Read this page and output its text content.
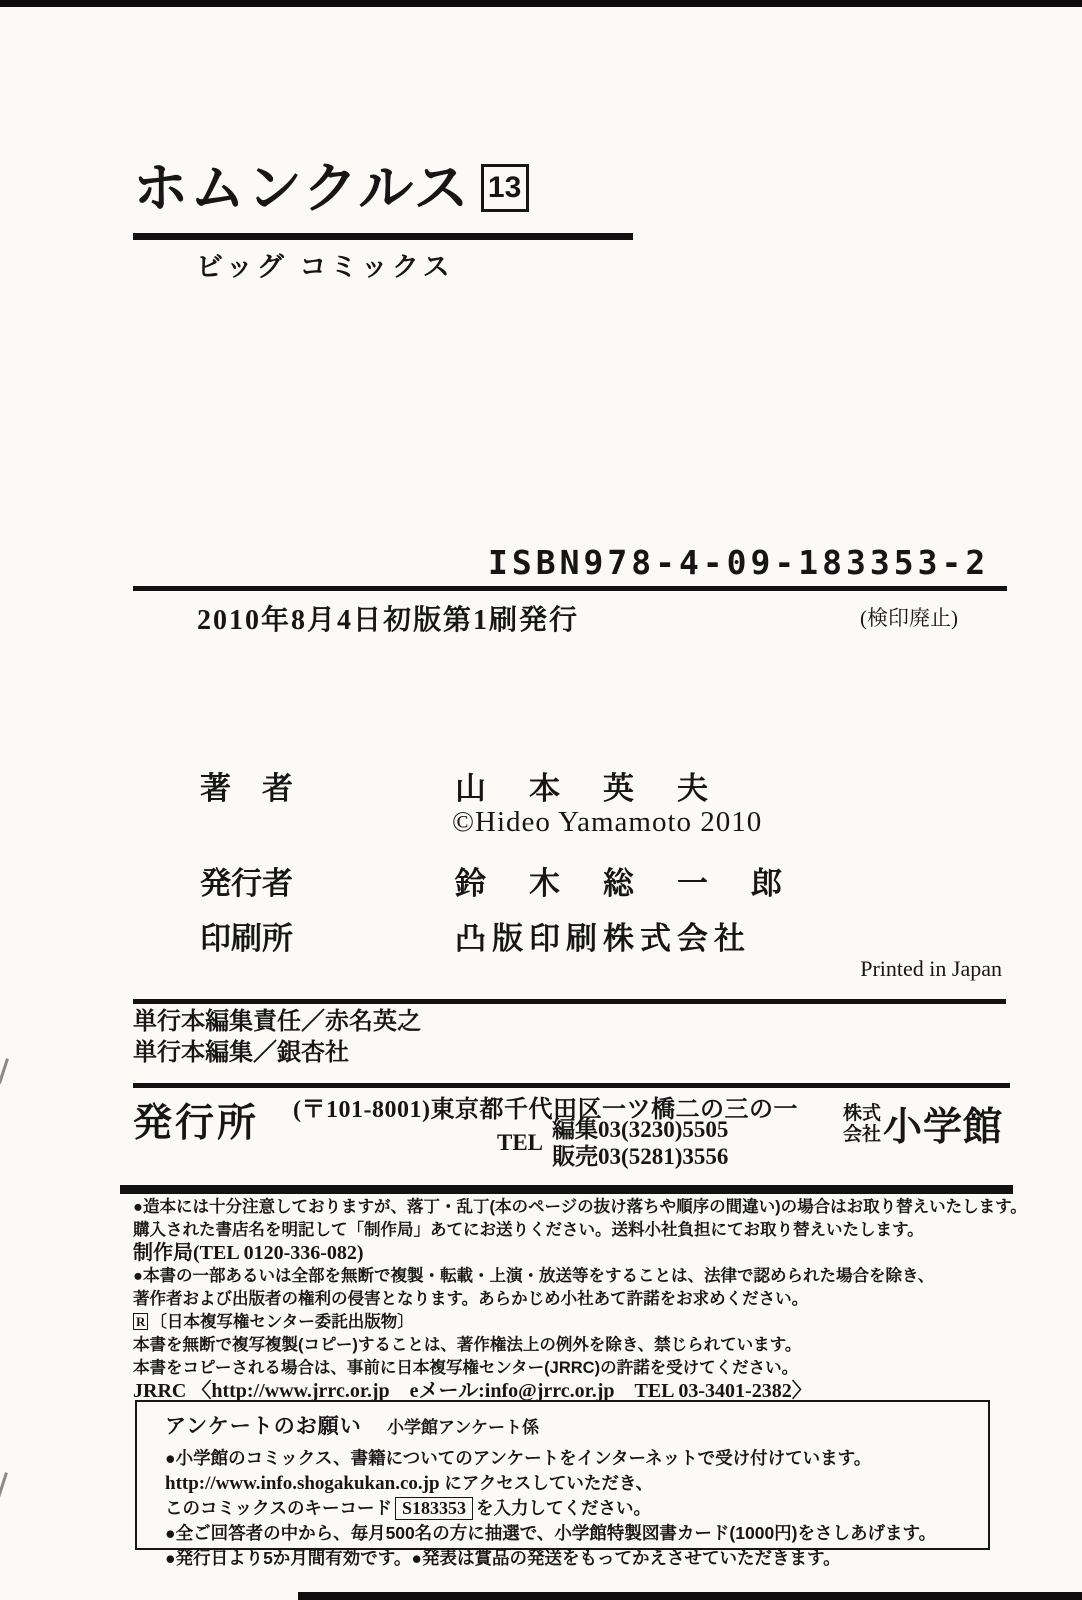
ホムンクルス 13
ビッグ コミックス
ISBN978-4-09-183353-2
2010年8月4日初版第1刷発行	(検印廃止)
著　者	山　本　英　夫
©Hideo Yamamoto 2010
発行者	鈴　木　総　一　郎
印刷所	凸版印刷株式会社
Printed in Japan
単行本編集責任／赤名英之
単行本編集／銀杏社
発行所 (〒101-8001)東京都千代田区一ツ橋二の三の一
TEL
編集03(3230)5505
販売03(5281)3556
株式
会社 小学館
●造本には十分注意しておりますが、落丁・乱丁(本のページの抜け落ちや順序の間違い)の場合はお取り替えいたします。
購入された書店名を明記して「制作局」あてにお送りください。送料小社負担にてお取り替えいたします。
制作局(TEL 0120-336-082)
●本書の一部あるいは全部を無断で複製・転載・上演・放送等をすることは、法律で認められた場合を除き、
著作者および出版者の権利の侵害となります。あらかじめ小社あて許諾をお求めください。
R 〔日本複写権センター委託出版物〕
本書を無断で複写複製(コピー)することは、著作権法上の例外を除き、禁じられています。
本書をコピーされる場合は、事前に日本複写権センター(JRRC)の許諾を受けてください。
JRRC 〈http://www.jrrc.or.jp　eメール:info@jrrc.or.jp　TEL 03-3401-2382〉
アンケートのお願い 小学館アンケート係
●小学館のコミックス、書籍についてのアンケートをインターネットで受け付けています。
http://www.info.shogakukan.co.jp にアクセスしていただき、
このコミックスのキーコード S183353 を入力してください。
●全ご回答者の中から、毎月500名の方に抽選で、小学館特製図書カード(1000円)をさしあげます。
●発行日より5か月間有効です。●発表は賞品の発送をもってかえさせていただきます。
